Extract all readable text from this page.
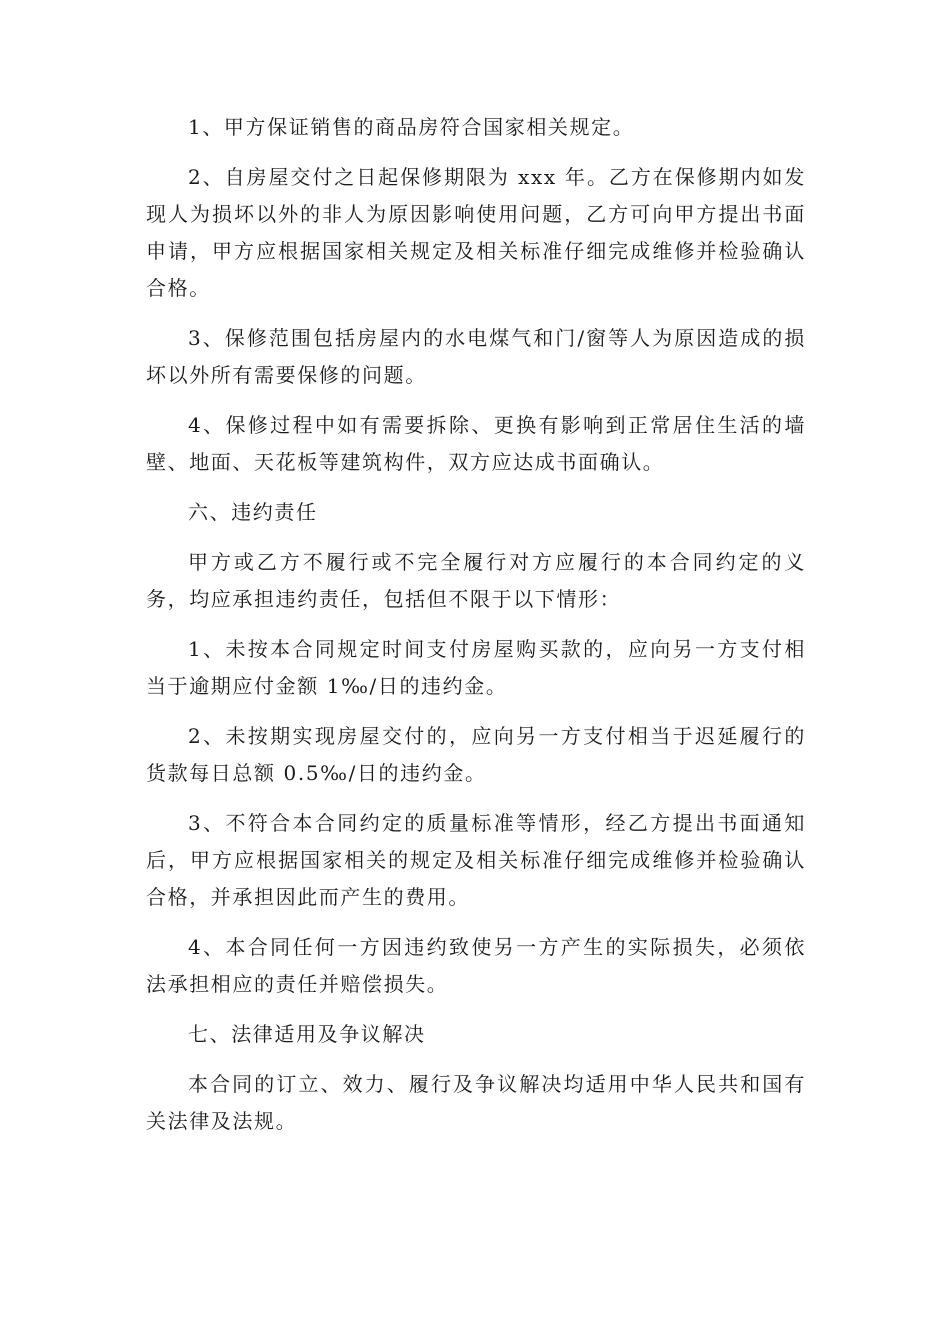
1、甲方保证销售的商品房符合国家相关规定。

2、自房屋交付之日起保修期限为 xxx 年。乙方在保修期内如发现人为损坏以外的非人为原因影响使用问题，乙方可向甲方提出书面申请，甲方应根据国家相关规定及相关标准仔细完成维修并检验确认合格。

3、保修范围包括房屋内的水电煤气和门/窗等人为原因造成的损坏以外所有需要保修的问题。

4、保修过程中如有需要拆除、更换有影响到正常居住生活的墙壁、地面、天花板等建筑构件，双方应达成书面确认。

六、违约责任

甲方或乙方不履行或不完全履行对方应履行的本合同约定的义务，均应承担违约责任，包括但不限于以下情形：

1、未按本合同规定时间支付房屋购买款的，应向另一方支付相当于逾期应付金额 1‰/日的违约金。

2、未按期实现房屋交付的，应向另一方支付相当于迟延履行的货款每日总额 0.5‰/日的违约金。

3、不符合本合同约定的质量标准等情形，经乙方提出书面通知后，甲方应根据国家相关的规定及相关标准仔细完成维修并检验确认合格，并承担因此而产生的费用。

4、本合同任何一方因违约致使另一方产生的实际损失，必须依法承担相应的责任并赔偿损失。

七、法律适用及争议解决

本合同的订立、效力、履行及争议解决均适用中华人民共和国有关法律及法规。
